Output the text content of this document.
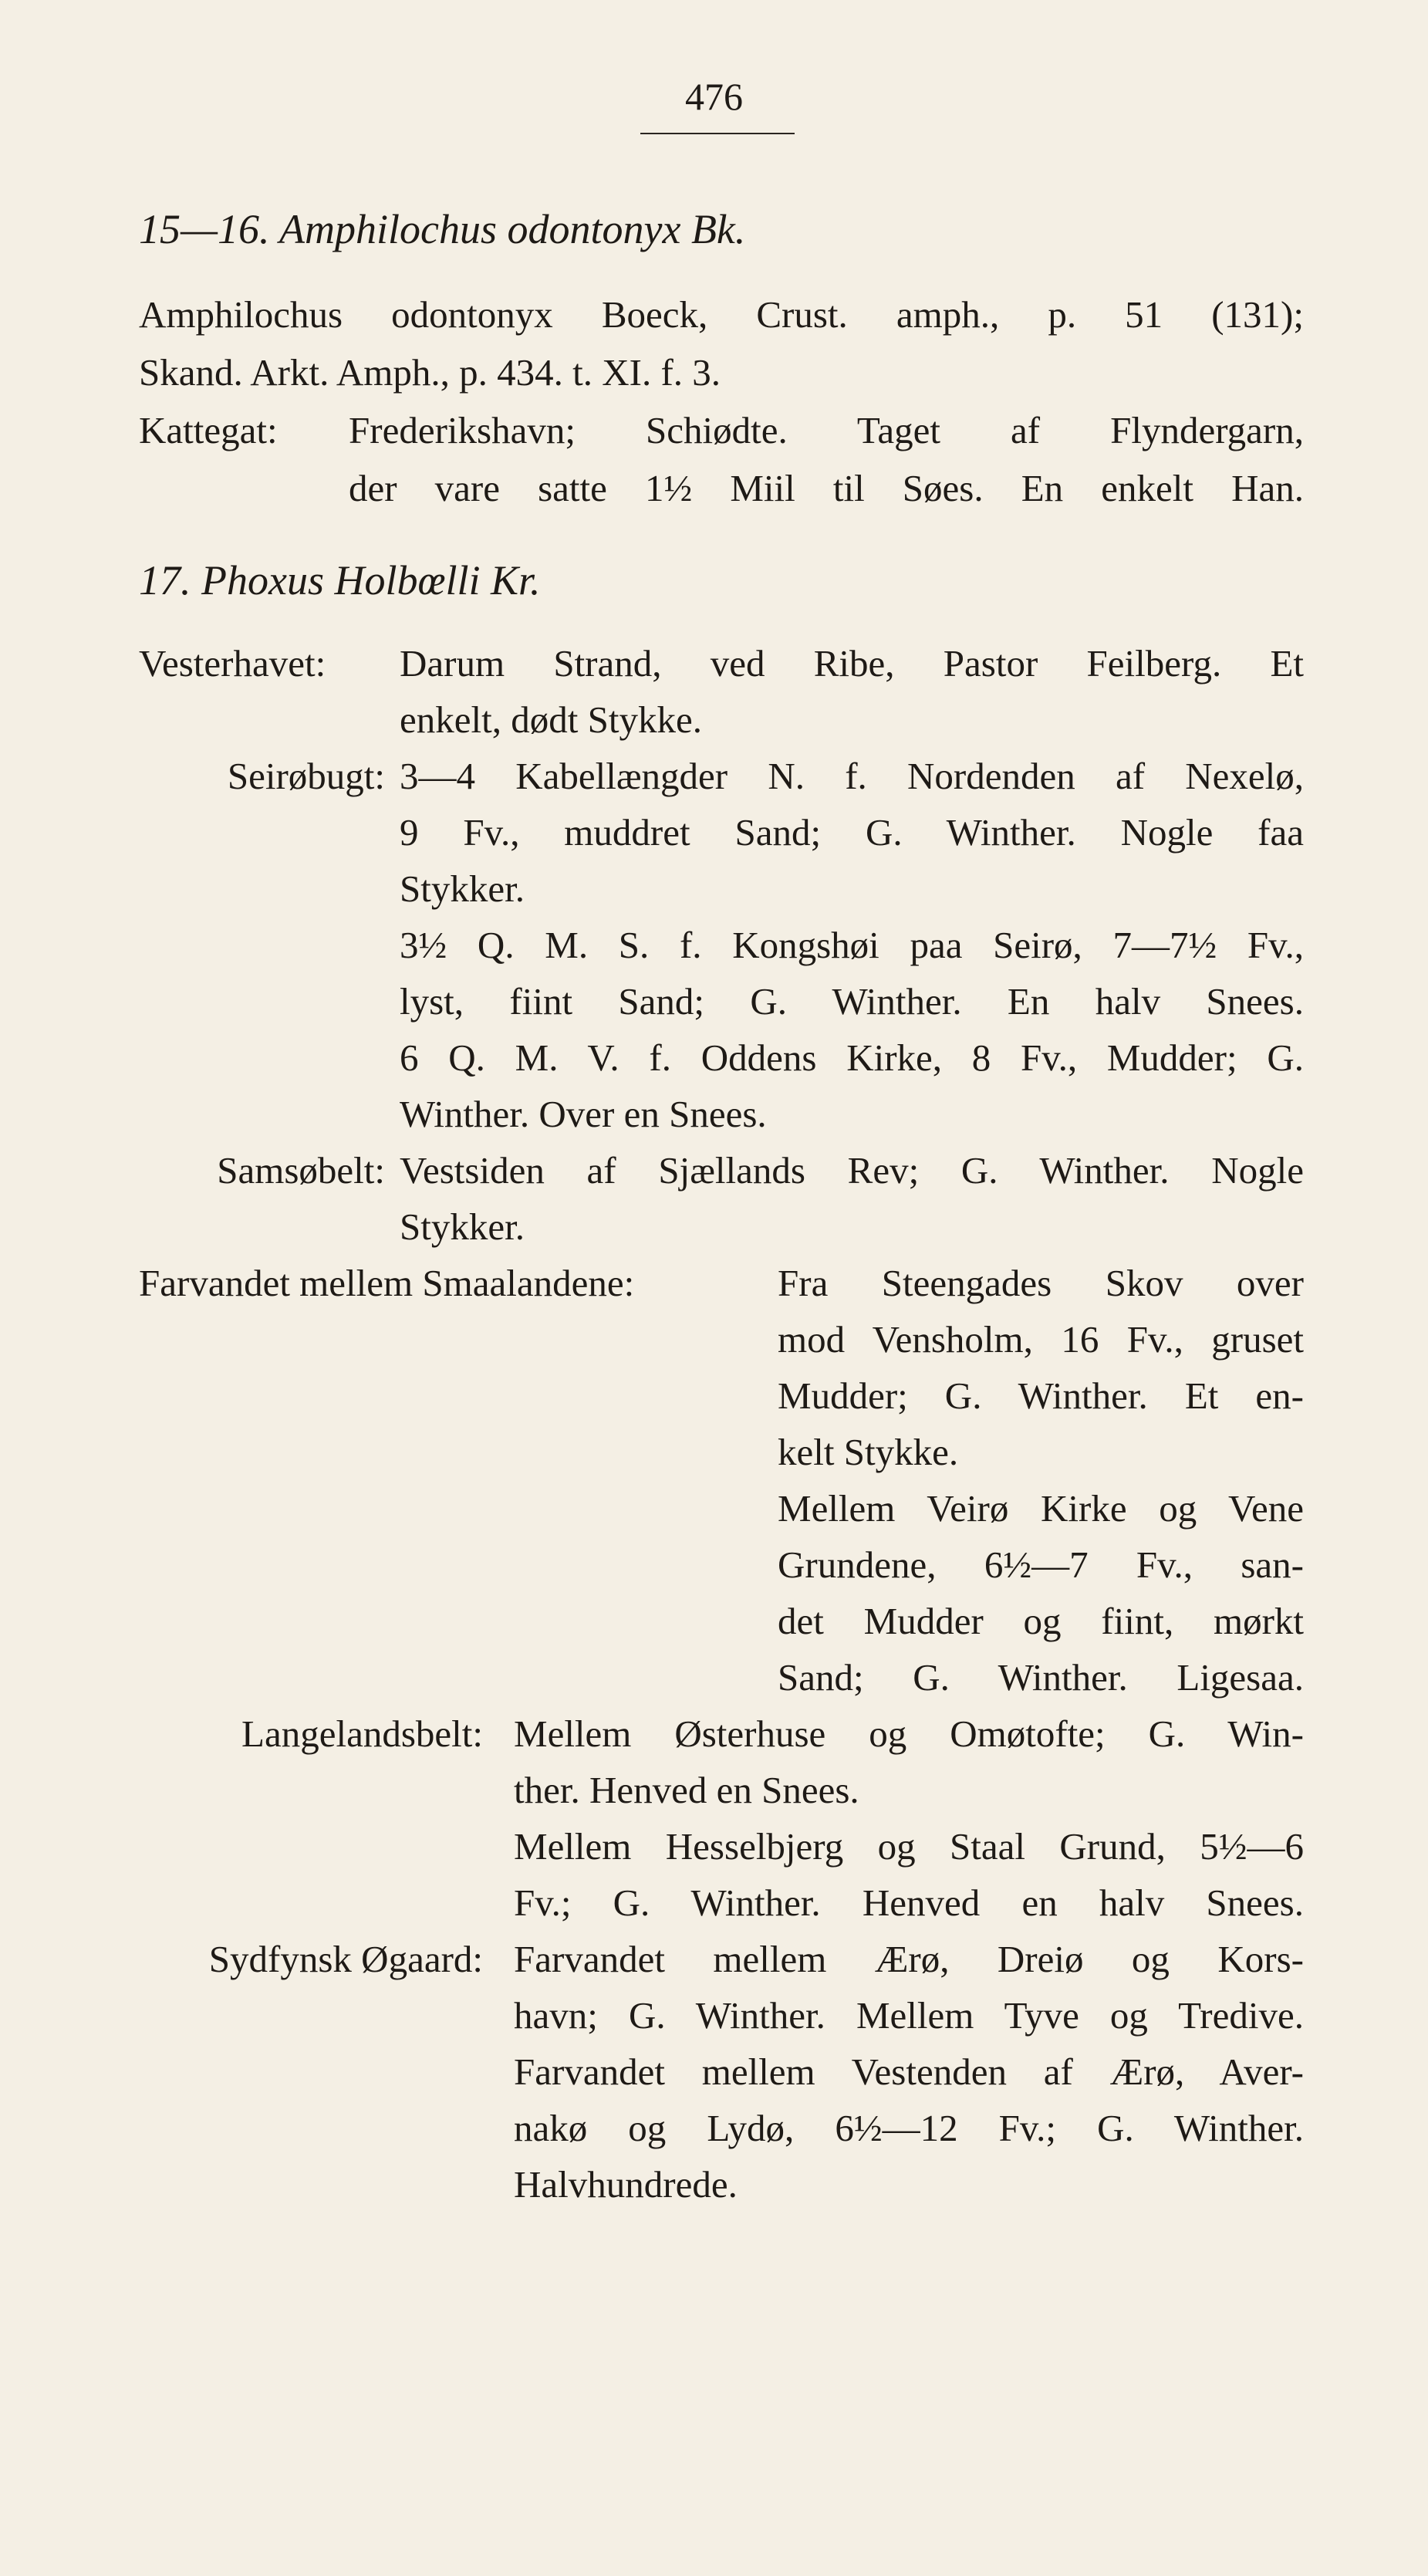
476
15—16. Amphilochus odontonyx Bk.
Amphilochus odontonyx Boeck, Crust. amph., p. 51 (131);
Skand. Arkt. Amph., p. 434. t. XI. f. 3.
Kattegat: Frederikshavn; Schiødte. Taget af Flyndergarn,
der vare satte 1½ Miil til Søes. En enkelt Han.
17. Phoxus Holbœlli Kr.
Vesterhavet: Darum Strand, ved Ribe, Pastor Feilberg. Et
enkelt, dødt Stykke.
Seirøbugt: 3—4 Kabellængder N. f. Nordenden af Nexelø,
9 Fv., muddret Sand; G. Winther. Nogle faa
Stykker.
3½ Q. M. S. f. Kongshøi paa Seirø, 7—7½ Fv.,
lyst, fiint Sand; G. Winther. En halv Snees.
6 Q. M. V. f. Oddens Kirke, 8 Fv., Mudder; G.
Winther. Over en Snees.
Samsøbelt: Vestsiden af Sjællands Rev; G. Winther. Nogle
Stykker.
Farvandet mellem Smaalandene:	Fra Steengades Skov over
mod Vensholm, 16 Fv., gruset
Mudder; G. Winther. Et en-
kelt Stykke.
Mellem Veirø Kirke og Vene
Grundene, 6½—7 Fv., san-
det Mudder og fiint, mørkt
Sand; G. Winther. Ligesaa.
Langelandsbelt: Mellem Østerhuse og Omøtofte; G. Win-
ther. Henved en Snees.
Mellem Hesselbjerg og Staal Grund, 5½—6
Fv.; G. Winther. Henved en halv Snees.
Sydfynsk Øgaard: Farvandet mellem Ærø, Dreiø og Kors-
havn; G. Winther. Mellem Tyve og Tredive.
Farvandet mellem Vestenden af Ærø, Aver-
nakø og Lydø, 6½—12 Fv.; G. Winther.
Halvhundrede.
